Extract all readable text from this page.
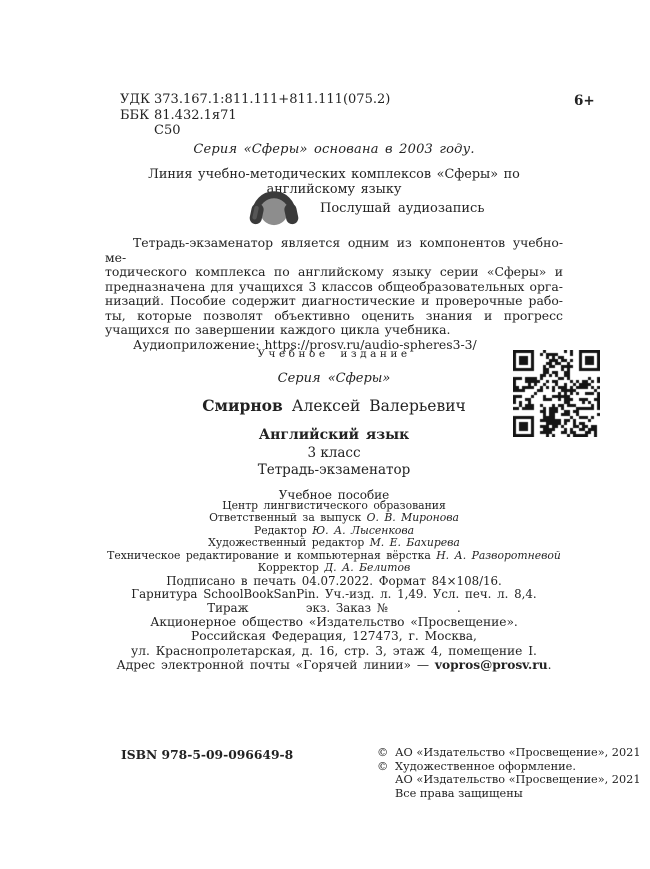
УДК 373.167.1:811.111+811.111(075.2)
ББК 81.432.1я71
С50
6+
Серия «Сферы» основана в 2003 году.
Линия учебно-методических комплексов «Сферы» по английскому языку
Послушай аудиозапись
Тетрадь-экзаменатор является одним из компонентов учебно-ме-
тодического комплекса по английскому языку серии «Сферы» и
предназначена для учащихся 3 классов общеобразовательных орга-
низаций. Пособие содержит диагностические и проверочные рабо-
ты, которые позволят объективно оценить знания и прогресс
учащихся по завершении каждого цикла учебника.
Аудиоприложение: https://prosv.ru/audio-spheres3-3/
Учебное издание
Серия «Сферы»
Смирнов Алексей Валерьевич
Английский язык
3 класс
Тетрадь-экзаменатор
Учебное пособие
Центр лингвистического образования
Ответственный за выпуск О. В. Миронова
Редактор Ю. А. Лысенкова
Художественный редактор М. Е. Бахирева
Техническое редактирование и компьютерная вёрстка Н. А. Разворотневой
Корректор Д. А. Белитов
Подписано в печать 04.07.2022. Формат 84×108/16.
Гарнитура SchoolBookSanPin. Уч.-изд. л. 1,49. Усл. печ. л. 8,4.
Тираж          экз. Заказ №            .
Акционерное общество «Издательство «Просвещение».
Российская Федерация, 127473, г. Москва,
ул. Краснопролетарская, д. 16, стр. 3, этаж 4, помещение I.
Адрес электронной почты «Горячей линии» — vopros@prosv.ru.
ISBN 978-5-09-096649-8	© АО «Издательство «Просвещение», 2021
© Художественное оформление.
АО «Издательство «Просвещение», 2021
Все права защищены
